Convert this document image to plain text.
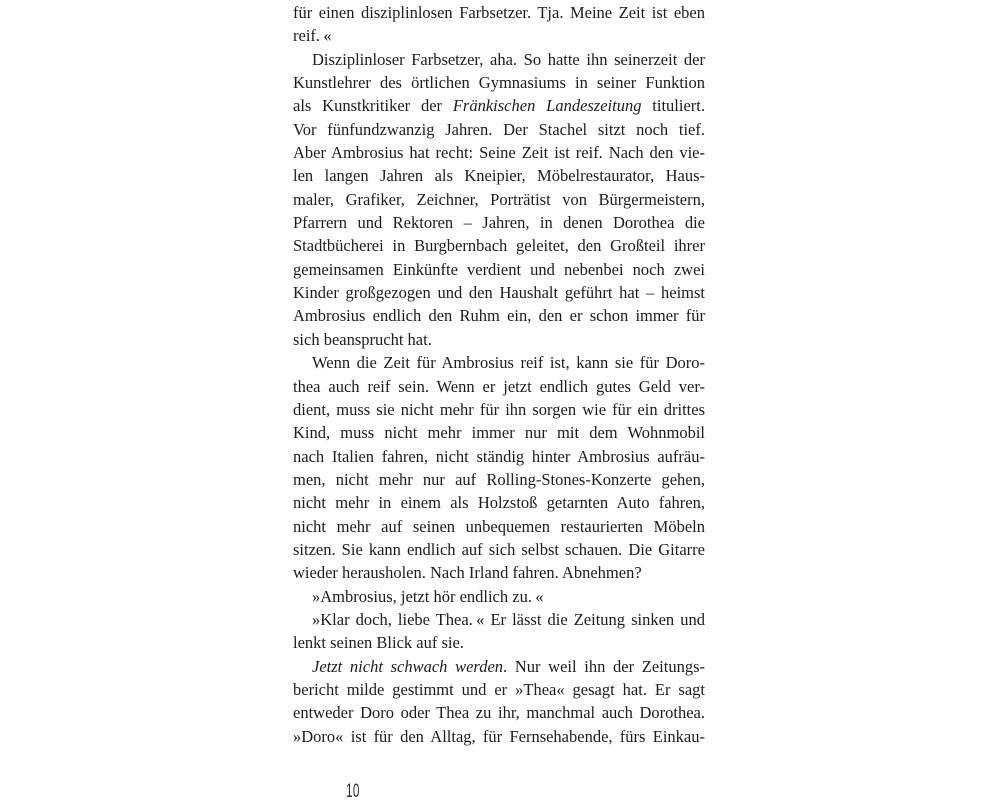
für einen disziplinlosen Farbsetzer. Tja. Meine Zeit ist eben
reif. «
Disziplinloser Farbsetzer, aha. So hatte ihn seinerzeit der
Kunstlehrer des örtlichen Gymnasiums in seiner Funktion
als Kunstkritiker der Fränkischen Landeszeitung tituliert.
Vor fünfundzwanzig Jahren. Der Stachel sitzt noch tief.
Aber Ambrosius hat recht: Seine Zeit ist reif. Nach den vie-
len langen Jahren als Kneipier, Möbelrestaurator, Haus-
maler, Grafiker, Zeichner, Porträtist von Bürgermeistern,
Pfarrern und Rektoren – Jahren, in denen Dorothea die
Stadtbücherei in Burgbernbach geleitet, den Großteil ihrer
gemeinsamen Einkünfte verdient und nebenbei noch zwei
Kinder großgezogen und den Haushalt geführt hat – heimst
Ambrosius endlich den Ruhm ein, den er schon immer für
sich beansprucht hat.
Wenn die Zeit für Ambrosius reif ist, kann sie für Doro-
thea auch reif sein. Wenn er jetzt endlich gutes Geld ver-
dient, muss sie nicht mehr für ihn sorgen wie für ein drittes
Kind, muss nicht mehr immer nur mit dem Wohnmobil
nach Italien fahren, nicht ständig hinter Ambrosius aufräu-
men, nicht mehr nur auf Rolling-Stones-Konzerte gehen,
nicht mehr in einem als Holzstoß getarnten Auto fahren,
nicht mehr auf seinen unbequemen restaurierten Möbeln
sitzen. Sie kann endlich auf sich selbst schauen. Die Gitarre
wieder herausholen. Nach Irland fahren. Abnehmen?
»Ambrosius, jetzt hör endlich zu. «
»Klar doch, liebe Thea. « Er lässt die Zeitung sinken und
lenkt seinen Blick auf sie.
Jetzt nicht schwach werden. Nur weil ihn der Zeitungs-
bericht milde gestimmt und er »Thea« gesagt hat. Er sagt
entweder Doro oder Thea zu ihr, manchmal auch Dorothea.
»Doro« ist für den Alltag, für Fernsehabende, fürs Einkau-
10
